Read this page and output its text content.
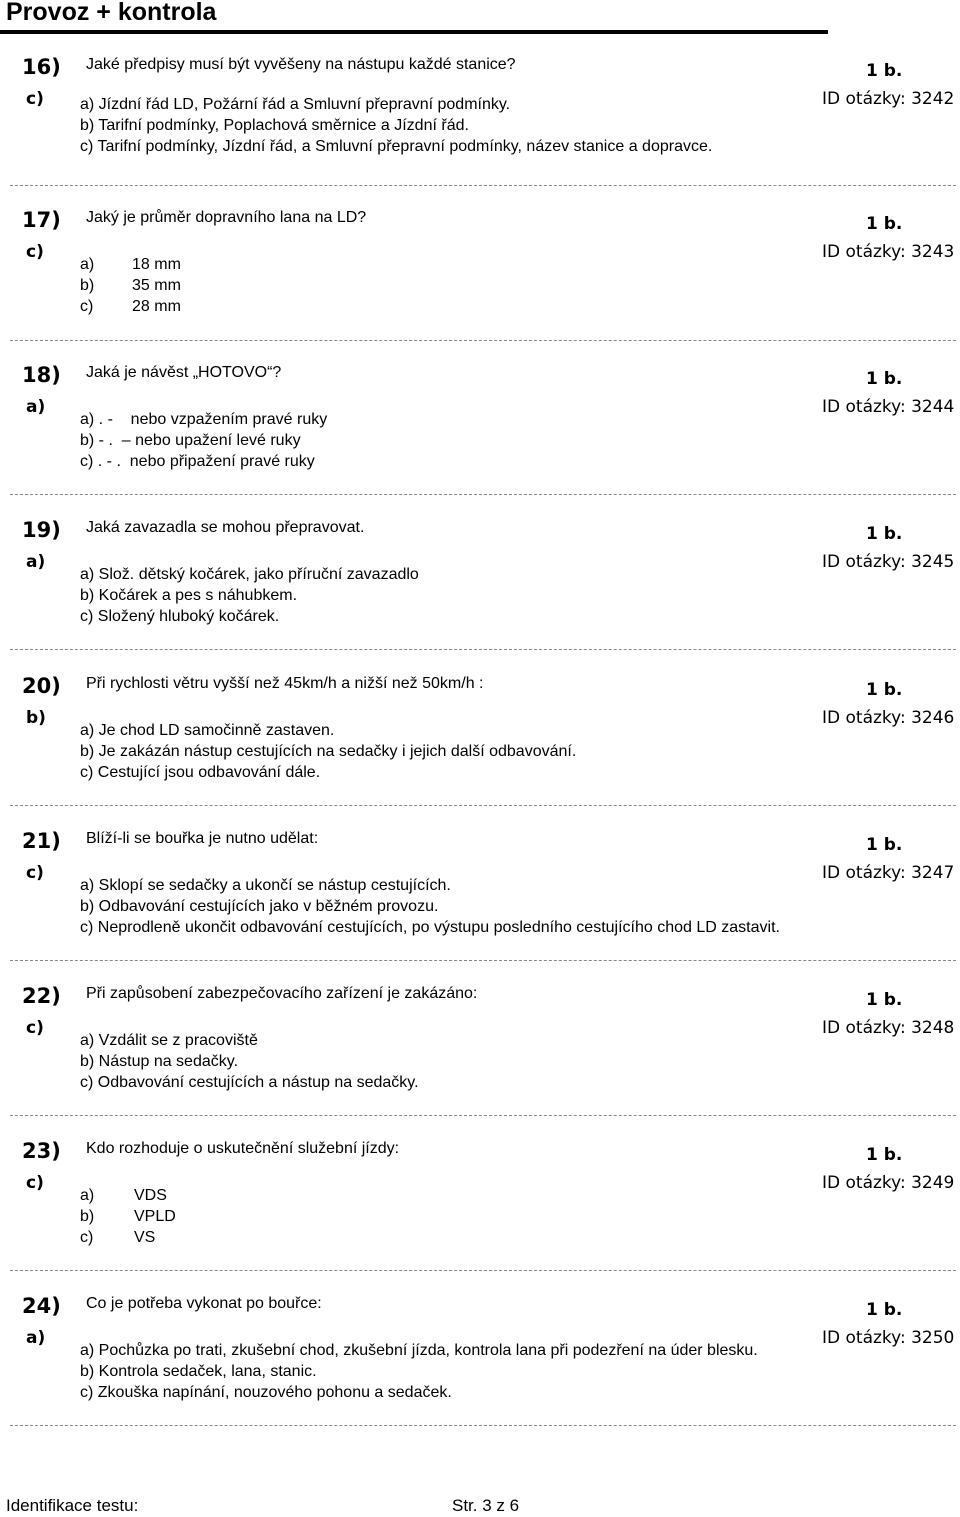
Provoz + kontrola
16)
c)
Jaké předpisy musí být vyvěšeny na nástupu každé stanice?	1 b.
ID otázky: 3242
a) Jízdní řád LD, Požární řád a Smluvní přepravní podmínky.
b) Tarifní podmínky, Poplachová směrnice a Jízdní řád.
c) Tarifní podmínky, Jízdní řád, a Smluvní přepravní podmínky, název stanice a dopravce.
17)
c)
Jaký je průměr dopravního lana na LD?	1 b.
ID otázky: 3243
a) 18 mm
b) 35 mm
c) 28 mm
18)
a)
Jaká je návěst „HOTOVO“?	1 b.
ID otázky: 3244
a) . -    nebo vzpažením pravé ruky
b) - .  – nebo upažení levé ruky
c) . - .  nebo připažení pravé ruky
19)
a)
Jaká zavazadla se mohou přepravovat.	1 b.
ID otázky: 3245
a) Slož. dětský kočárek, jako příruční zavazadlo
b) Kočárek a pes s náhubkem.
c) Složený hluboký kočárek.
20)
b)
Při rychlosti větru vyšší než 45km/h a nižší než 50km/h :	1 b.
ID otázky: 3246
a) Je chod LD samočinně zastaven.
b) Je zakázán nástup cestujících na sedačky i jejich další odbavování.
c) Cestující jsou odbavování dále.
21)
c)
Blíží-li se bouřka je nutno udělat:	1 b.
ID otázky: 3247
a) Sklopí se sedačky a ukončí se nástup cestujících.
b) Odbavování cestujících jako v běžném provozu.
c) Neprodleně ukončit odbavování cestujících, po výstupu posledního cestujícího chod LD zastavit.
22)
c)
Při zapůsobení zabezpečovacího zařízení je zakázáno:	1 b.
ID otázky: 3248
a) Vzdálit se z pracoviště
b) Nástup na sedačky.
c) Odbavování cestujících a nástup na sedačky.
23)
c)
Kdo rozhoduje o uskutečnění služební jízdy:	1 b.
ID otázky: 3249
a) VDS
b) VPLD
c)	VS
24)
a)
Co je potřeba vykonat po bouřce:	1 b.
ID otázky: 3250
a) Pochůzka po trati, zkušební chod, zkušební jízda, kontrola lana při podezření na úder blesku.
b) Kontrola sedaček, lana, stanic.
c) Zkouška napínání, nouzového pohonu a sedaček.
Identifikace testu:	Str. 3 z 6
